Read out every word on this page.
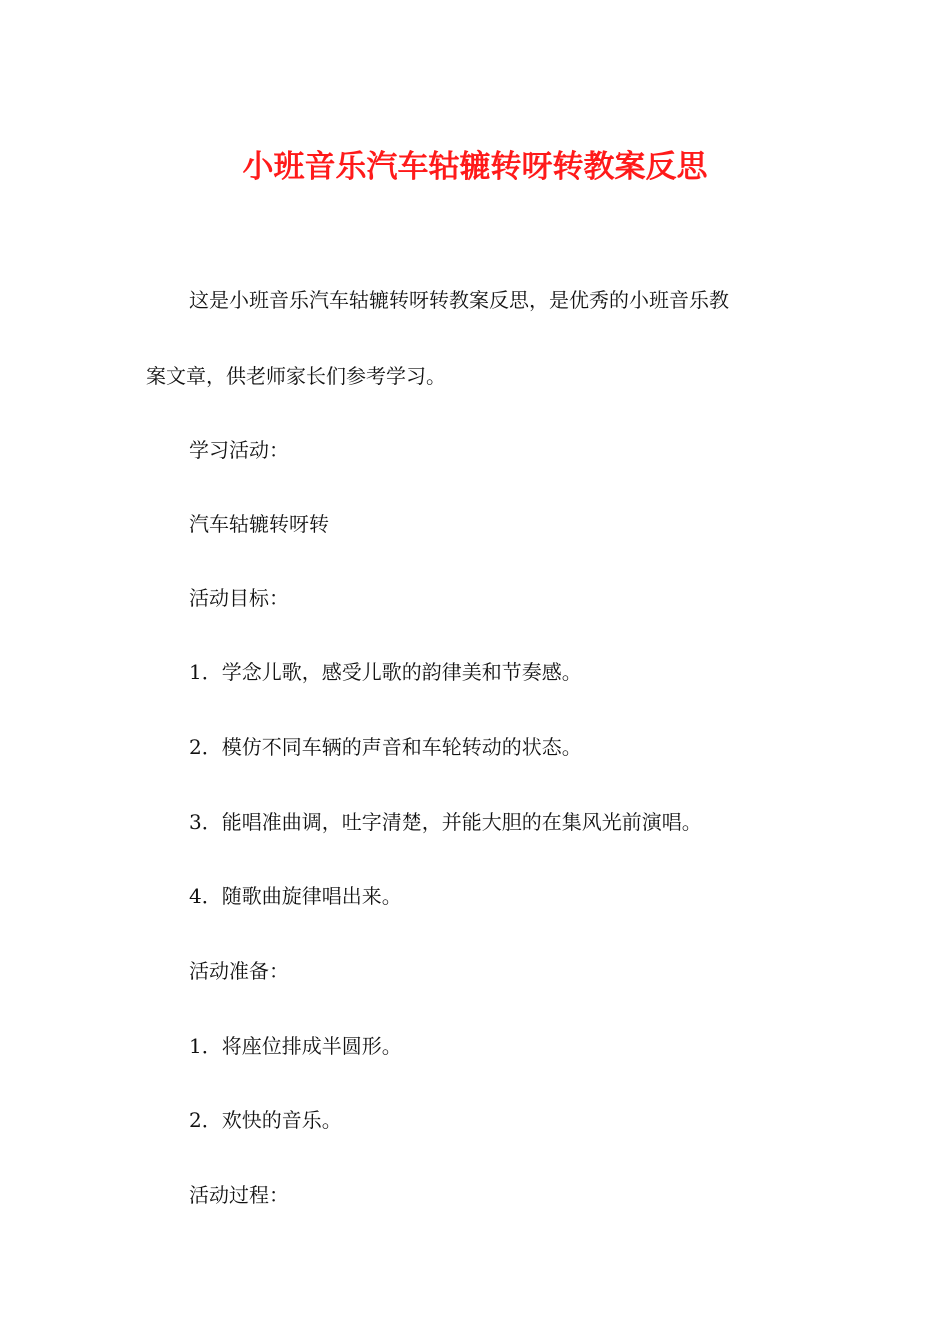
小班音乐汽车轱辘转呀转教案反思
这是小班音乐汽车轱辘转呀转教案反思，是优秀的小班音乐教
案文章，供老师家长们参考学习。
学习活动：
汽车轱辘转呀转
活动目标：
1．学念儿歌，感受儿歌的韵律美和节奏感。
2．模仿不同车辆的声音和车轮转动的状态。
3．能唱准曲调，吐字清楚，并能大胆的在集风光前演唱。
4．随歌曲旋律唱出来。
活动准备：
1．将座位排成半圆形。
2．欢快的音乐。
活动过程：
